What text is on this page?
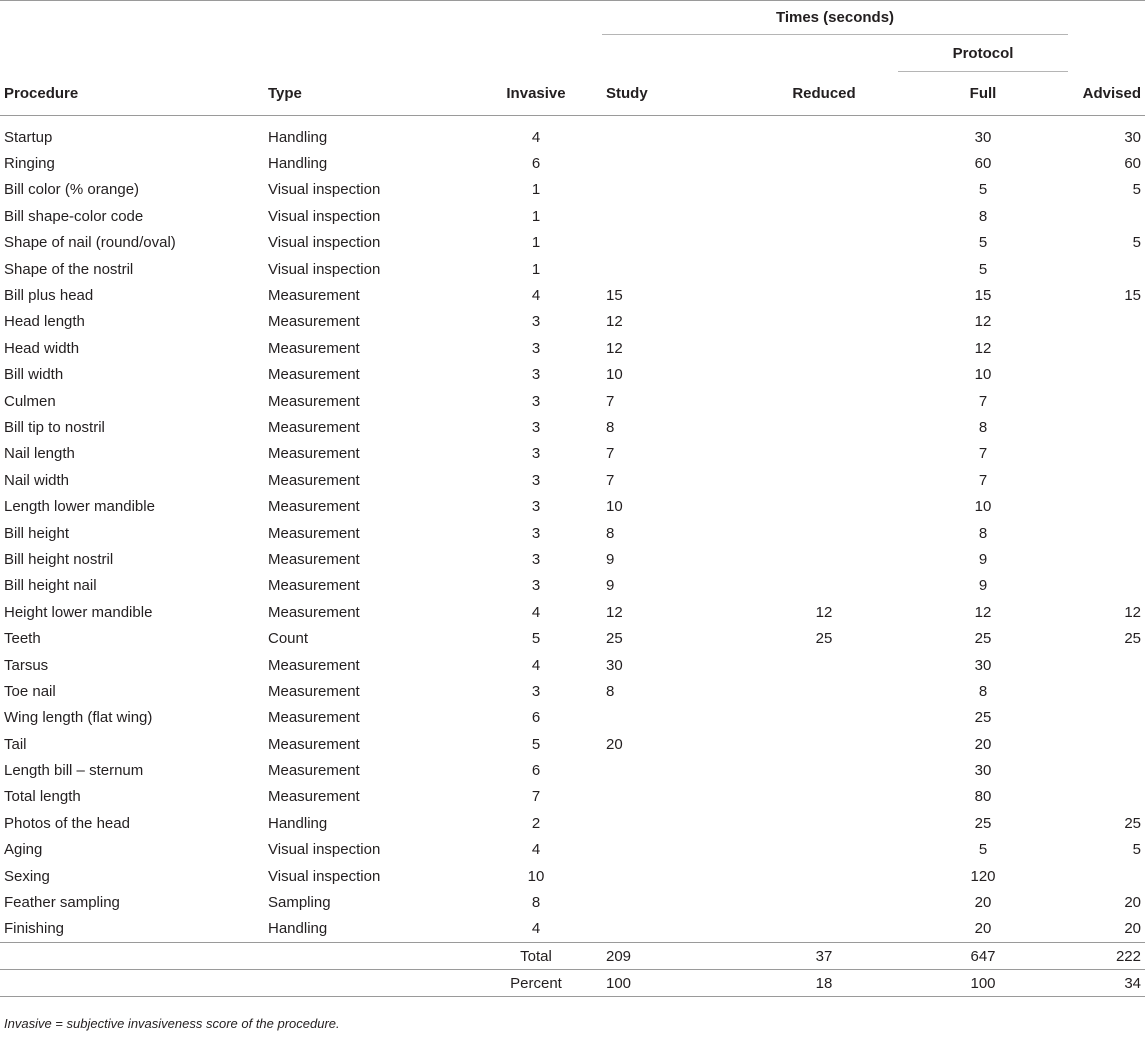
			Times (seconds)			
					Protocol	
Procedure	Type	Invasive	Study	Reduced	Full	Advised
Startup	Handling	4			30	30
Ringing	Handling	6			60	60
Bill color (% orange)	Visual inspection	1			5	5
Bill shape-color code	Visual inspection	1			8	
Shape of nail (round/oval)	Visual inspection	1			5	5
Shape of the nostril	Visual inspection	1			5	
Bill plus head	Measurement	4	15		15	15
Head length	Measurement	3	12		12	
Head width	Measurement	3	12		12	
Bill width	Measurement	3	10		10	
Culmen	Measurement	3	7		7	
Bill tip to nostril	Measurement	3	8		8	
Nail length	Measurement	3	7		7	
Nail width	Measurement	3	7		7	
Length lower mandible	Measurement	3	10		10	
Bill height	Measurement	3	8		8	
Bill height nostril	Measurement	3	9		9	
Bill height nail	Measurement	3	9		9	
Height lower mandible	Measurement	4	12	12	12	12
Teeth	Count	5	25	25	25	25
Tarsus	Measurement	4	30		30	
Toe nail	Measurement	3	8		8	
Wing length (flat wing)	Measurement	6			25	
Tail	Measurement	5	20		20	
Length bill – sternum	Measurement	6			30	
Total length	Measurement	7			80	
Photos of the head	Handling	2			25	25
Aging	Visual inspection	4			5	5
Sexing	Visual inspection	10			120	
Feather sampling	Sampling	8			20	20
Finishing	Handling	4			20	20
		Total	209	37	647	222
		Percent	100	18	100	34
Invasive = subjective invasiveness score of the procedure.
